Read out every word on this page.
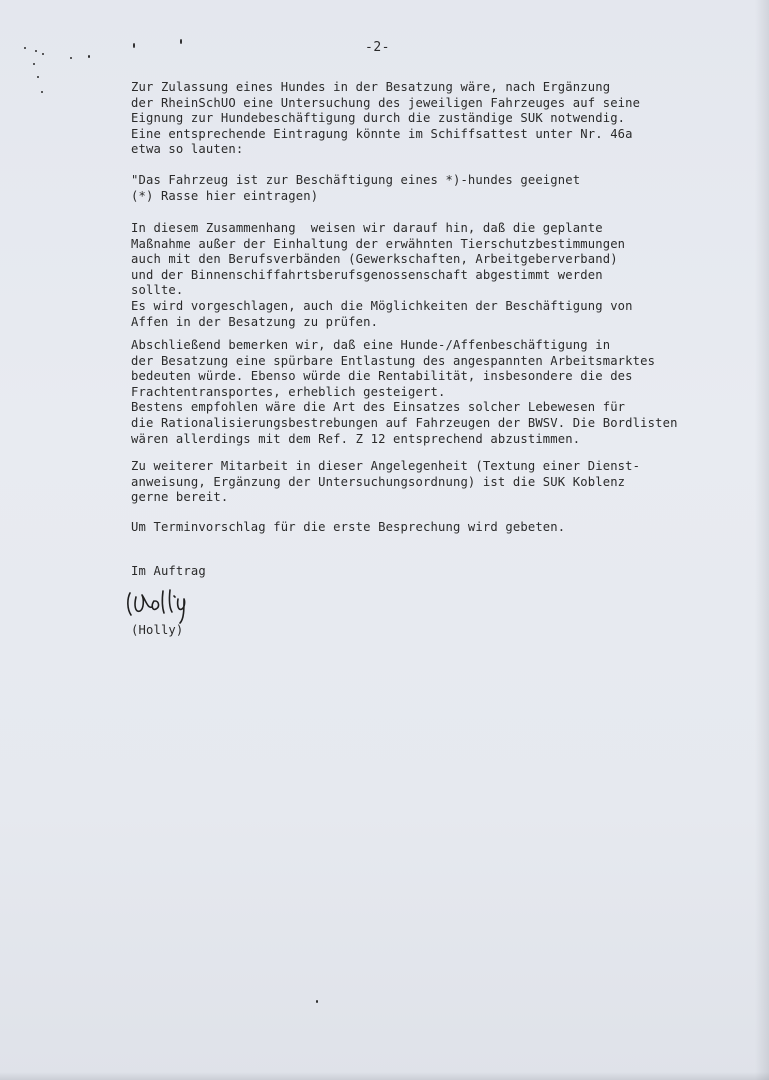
-2-
Zur Zulassung eines Hundes in der Besatzung wäre, nach Ergänzung
der RheinSchUO eine Untersuchung des jeweiligen Fahrzeuges auf seine
Eignung zur Hundebeschäftigung durch die zuständige SUK notwendig.
Eine entsprechende Eintragung könnte im Schiffsattest unter Nr. 46a
etwa so lauten:
"Das Fahrzeug ist zur Beschäftigung eines *)-hundes geeignet
(*) Rasse hier eintragen)
In diesem Zusammenhang  weisen wir darauf hin, daß die geplante
Maßnahme außer der Einhaltung der erwähnten Tierschutzbestimmungen
auch mit den Berufsverbänden (Gewerkschaften, Arbeitgeberverband)
und der Binnenschiffahrtsberufsgenossenschaft abgestimmt werden
sollte.
Es wird vorgeschlagen, auch die Möglichkeiten der Beschäftigung von
Affen in der Besatzung zu prüfen.
Abschließend bemerken wir, daß eine Hunde-/Affenbeschäftigung in
der Besatzung eine spürbare Entlastung des angespannten Arbeitsmarktes
bedeuten würde. Ebenso würde die Rentabilität, insbesondere die des
Frachtentransportes, erheblich gesteigert.
Bestens empfohlen wäre die Art des Einsatzes solcher Lebewesen für
die Rationalisierungsbestrebungen auf Fahrzeugen der BWSV. Die Bordlisten
wären allerdings mit dem Ref. Z 12 entsprechend abzustimmen.
Zu weiterer Mitarbeit in dieser Angelegenheit (Textung einer Dienst-
anweisung, Ergänzung der Untersuchungsordnung) ist die SUK Koblenz
gerne bereit.
Um Terminvorschlag für die erste Besprechung wird gebeten.
Im Auftrag
(Holly)
